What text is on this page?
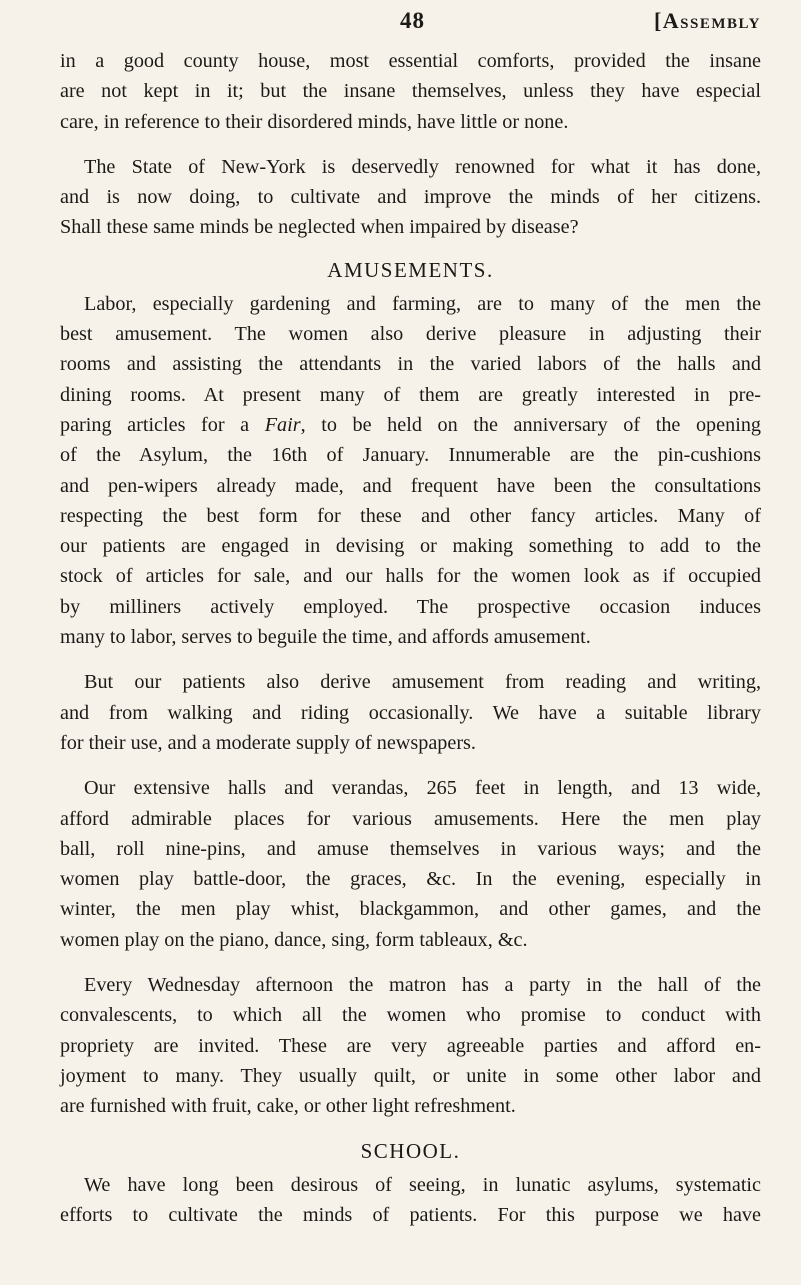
48	[Assembly

in a good county house, most essential comforts, provided the insane
are not kept in it; but the insane themselves, unless they have especial
care, in reference to their disordered minds, have little or none.

The State of New-York is deservedly renowned for what it has done,
and is now doing, to cultivate and improve the minds of her citizens.
Shall these same minds be neglected when impaired by disease?

AMUSEMENTS.

Labor, especially gardening and farming, are to many of the men the
best amusement. The women also derive pleasure in adjusting their
rooms and assisting the attendants in the varied labors of the halls and
dining rooms. At present many of them are greatly interested in pre-
paring articles for a Fair, to be held on the anniversary of the opening
of the Asylum, the 16th of January. Innumerable are the pin-cushions
and pen-wipers already made, and frequent have been the consultations
respecting the best form for these and other fancy articles. Many of
our patients are engaged in devising or making something to add to the
stock of articles for sale, and our halls for the women look as if occupied
by milliners actively employed. The prospective occasion induces
many to labor, serves to beguile the time, and affords amusement.

But our patients also derive amusement from reading and writing,
and from walking and riding occasionally. We have a suitable library
for their use, and a moderate supply of newspapers.

Our extensive halls and verandas, 265 feet in length, and 13 wide,
afford admirable places for various amusements. Here the men play
ball, roll nine-pins, and amuse themselves in various ways; and the
women play battle-door, the graces, &c. In the evening, especially in
winter, the men play whist, blackgammon, and other games, and the
women play on the piano, dance, sing, form tableaux, &c.

Every Wednesday afternoon the matron has a party in the hall of the
convalescents, to which all the women who promise to conduct with
propriety are invited. These are very agreeable parties and afford en-
joyment to many. They usually quilt, or unite in some other labor and
are furnished with fruit, cake, or other light refreshment.

SCHOOL.

We have long been desirous of seeing, in lunatic asylums, systematic
efforts to cultivate the minds of patients. For this purpose we have
